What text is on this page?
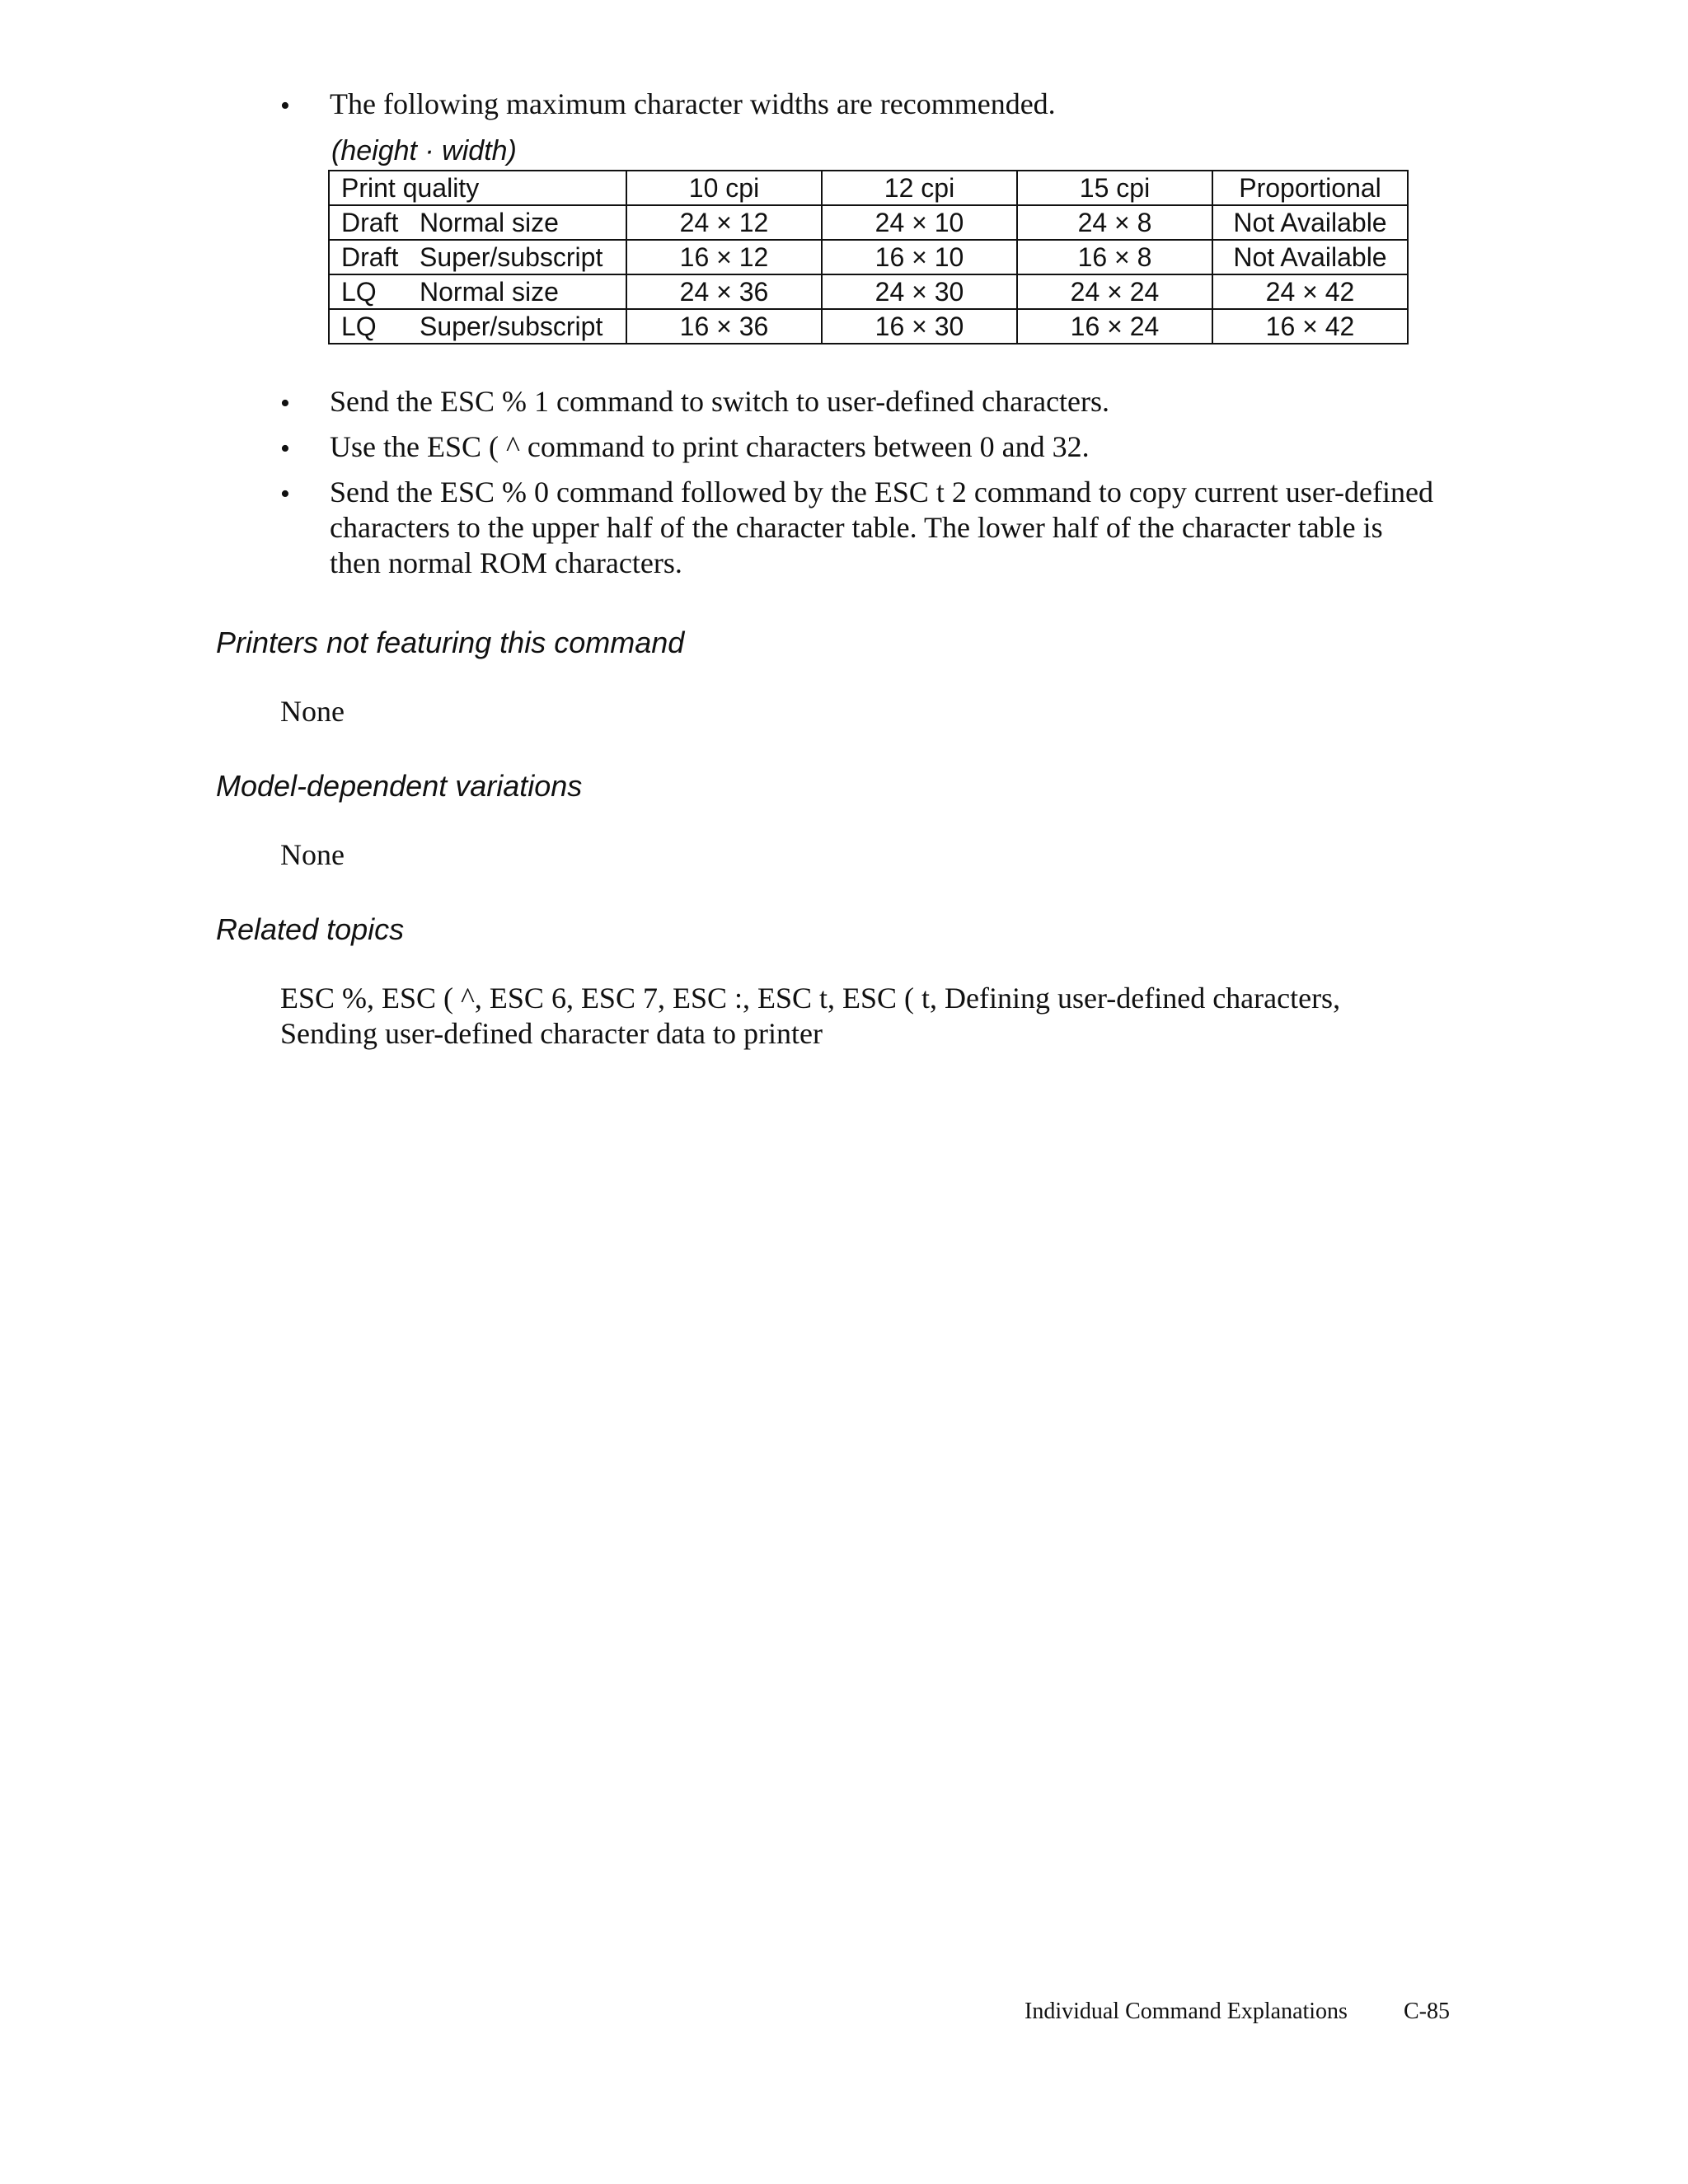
• The following maximum character widths are recommended.
(height · width)
Print quality	10 cpi	12 cpi	15 cpi	Proportional
Draft Normal size	24 × 12	24 × 10	24 × 8	Not Available
Draft Super/subscript	16 × 12	16 × 10	16 × 8	Not Available
LQ Normal size	24 × 36	24 × 30	24 × 24	24 × 42
LQ Super/subscript	16 × 36	16 × 30	16 × 24	16 × 42
• Send the ESC % 1 command to switch to user-defined characters.
• Use the ESC ( ^ command to print characters between 0 and 32.
• Send the ESC % 0 command followed by the ESC t 2 command to copy current user-defined characters to the upper half of the character table. The lower half of the character table is then normal ROM characters.
Printers not featuring this command
None
Model-dependent variations
None
Related topics
ESC %, ESC ( ^, ESC 6, ESC 7, ESC :, ESC t, ESC ( t, Defining user-defined characters,
Sending user-defined character data to printer
Individual Command Explanations C-85
